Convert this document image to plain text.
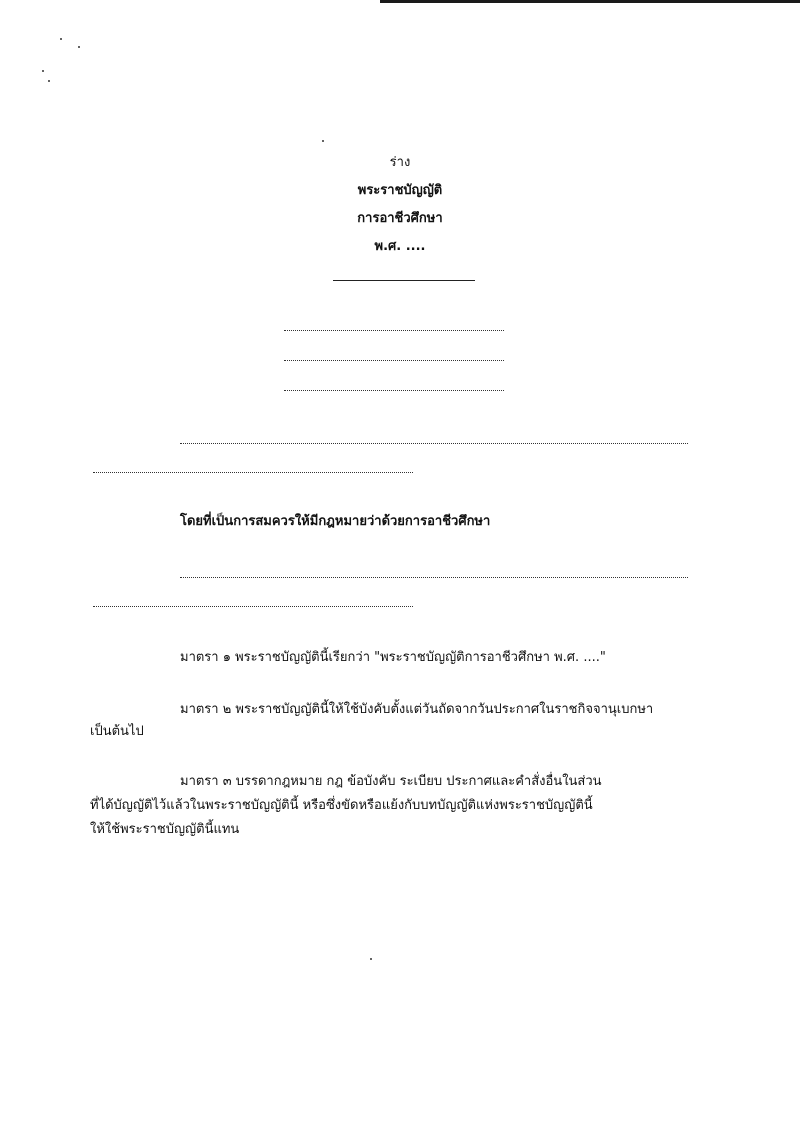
ร่าง

พระราชบัญญัติ

การอาชีวศึกษา

พ.ศ. ....

โดยที่เป็นการสมควรให้มีกฎหมายว่าด้วยการอาชีวศึกษา

มาตรา ๑ พระราชบัญญัตินี้เรียกว่า "พระราชบัญญัติการอาชีวศึกษา พ.ศ. ...."

มาตรา ๒ พระราชบัญญัตินี้ให้ใช้บังคับตั้งแต่วันถัดจากวันประกาศในราชกิจจานุเบกษา

เป็นต้นไป

มาตรา ๓ บรรดากฎหมาย กฎ ข้อบังคับ ระเบียบ ประกาศและคำสั่งอื่นในส่วน

ที่ได้บัญญัติไว้แล้วในพระราชบัญญัตินี้ หรือซึ่งขัดหรือแย้งกับบทบัญญัติแห่งพระราชบัญญัตินี้

ให้ใช้พระราชบัญญัตินี้แทน
